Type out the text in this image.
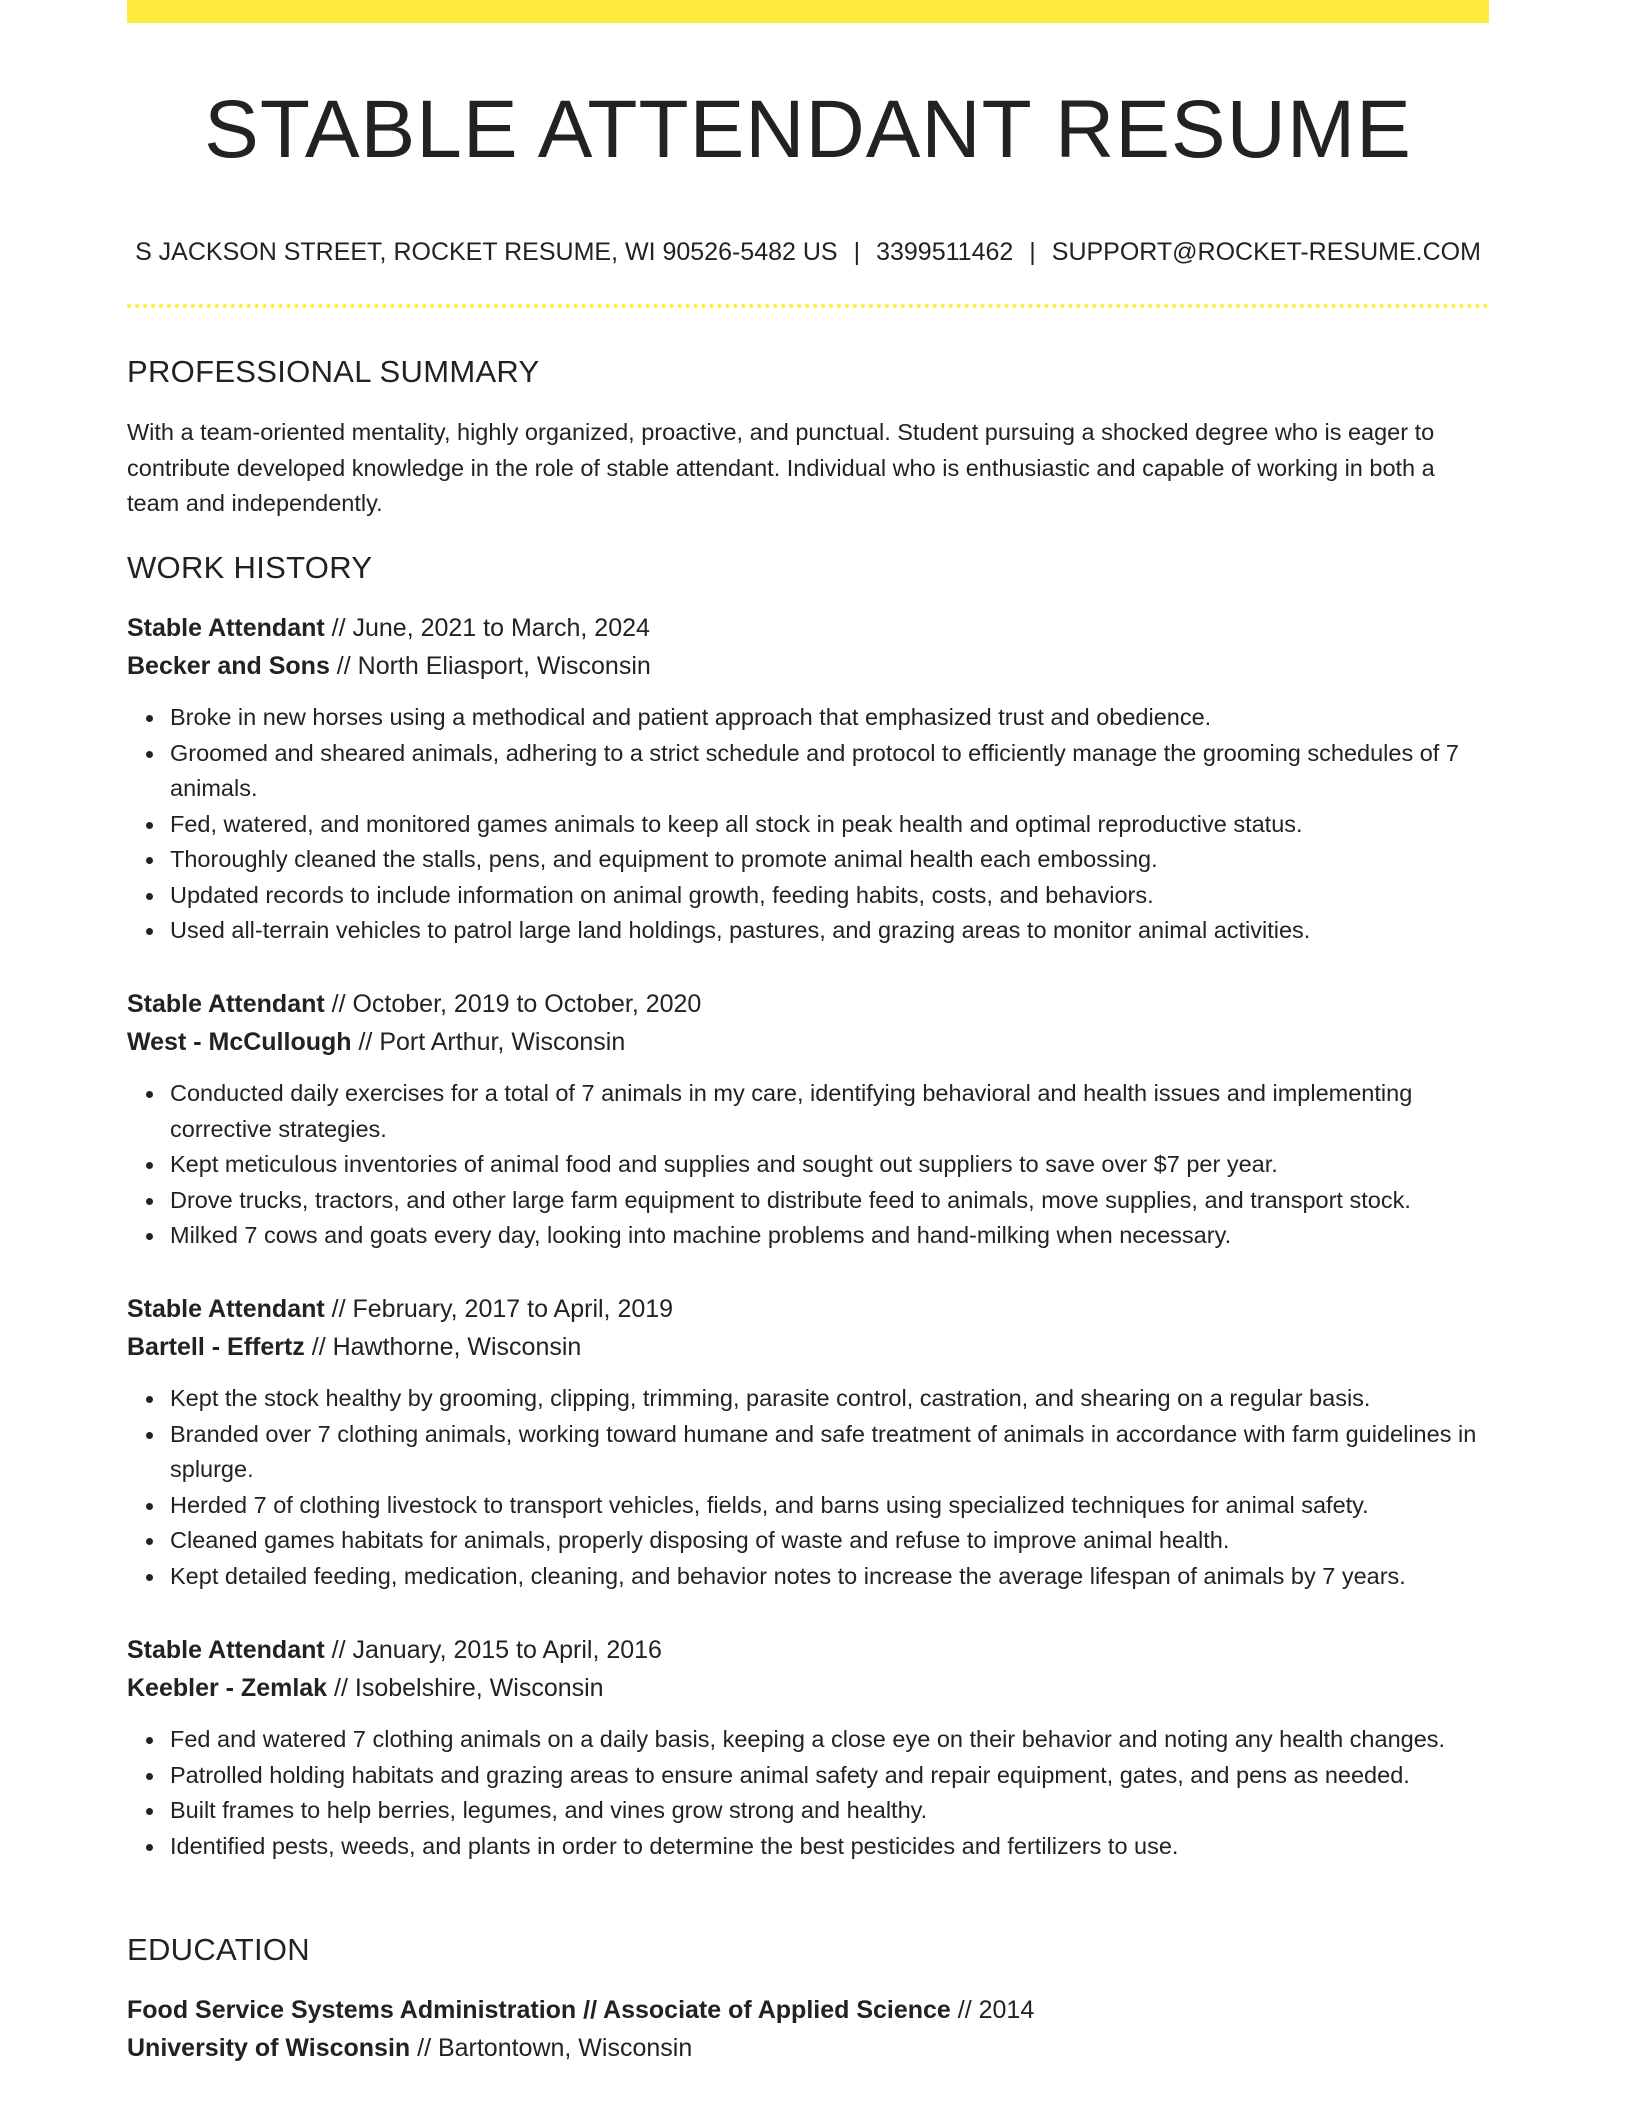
STABLE ATTENDANT RESUME
S JACKSON STREET, ROCKET RESUME, WI 90526-5482 US | 3399511462 | SUPPORT@ROCKET-RESUME.COM
PROFESSIONAL SUMMARY
With a team-oriented mentality, highly organized, proactive, and punctual. Student pursuing a shocked degree who is eager to contribute developed knowledge in the role of stable attendant. Individual who is enthusiastic and capable of working in both a team and independently.
WORK HISTORY
Stable Attendant // June, 2021 to March, 2024
Becker and Sons // North Eliasport, Wisconsin
Broke in new horses using a methodical and patient approach that emphasized trust and obedience.
Groomed and sheared animals, adhering to a strict schedule and protocol to efficiently manage the grooming schedules of 7 animals.
Fed, watered, and monitored games animals to keep all stock in peak health and optimal reproductive status.
Thoroughly cleaned the stalls, pens, and equipment to promote animal health each embossing.
Updated records to include information on animal growth, feeding habits, costs, and behaviors.
Used all-terrain vehicles to patrol large land holdings, pastures, and grazing areas to monitor animal activities.
Stable Attendant // October, 2019 to October, 2020
West - McCullough // Port Arthur, Wisconsin
Conducted daily exercises for a total of 7 animals in my care, identifying behavioral and health issues and implementing corrective strategies.
Kept meticulous inventories of animal food and supplies and sought out suppliers to save over $7 per year.
Drove trucks, tractors, and other large farm equipment to distribute feed to animals, move supplies, and transport stock.
Milked 7 cows and goats every day, looking into machine problems and hand-milking when necessary.
Stable Attendant // February, 2017 to April, 2019
Bartell - Effertz // Hawthorne, Wisconsin
Kept the stock healthy by grooming, clipping, trimming, parasite control, castration, and shearing on a regular basis.
Branded over 7 clothing animals, working toward humane and safe treatment of animals in accordance with farm guidelines in splurge.
Herded 7 of clothing livestock to transport vehicles, fields, and barns using specialized techniques for animal safety.
Cleaned games habitats for animals, properly disposing of waste and refuse to improve animal health.
Kept detailed feeding, medication, cleaning, and behavior notes to increase the average lifespan of animals by 7 years.
Stable Attendant // January, 2015 to April, 2016
Keebler - Zemlak // Isobelshire, Wisconsin
Fed and watered 7 clothing animals on a daily basis, keeping a close eye on their behavior and noting any health changes.
Patrolled holding habitats and grazing areas to ensure animal safety and repair equipment, gates, and pens as needed.
Built frames to help berries, legumes, and vines grow strong and healthy.
Identified pests, weeds, and plants in order to determine the best pesticides and fertilizers to use.
EDUCATION
Food Service Systems Administration // Associate of Applied Science // 2014
University of Wisconsin // Bartontown, Wisconsin
